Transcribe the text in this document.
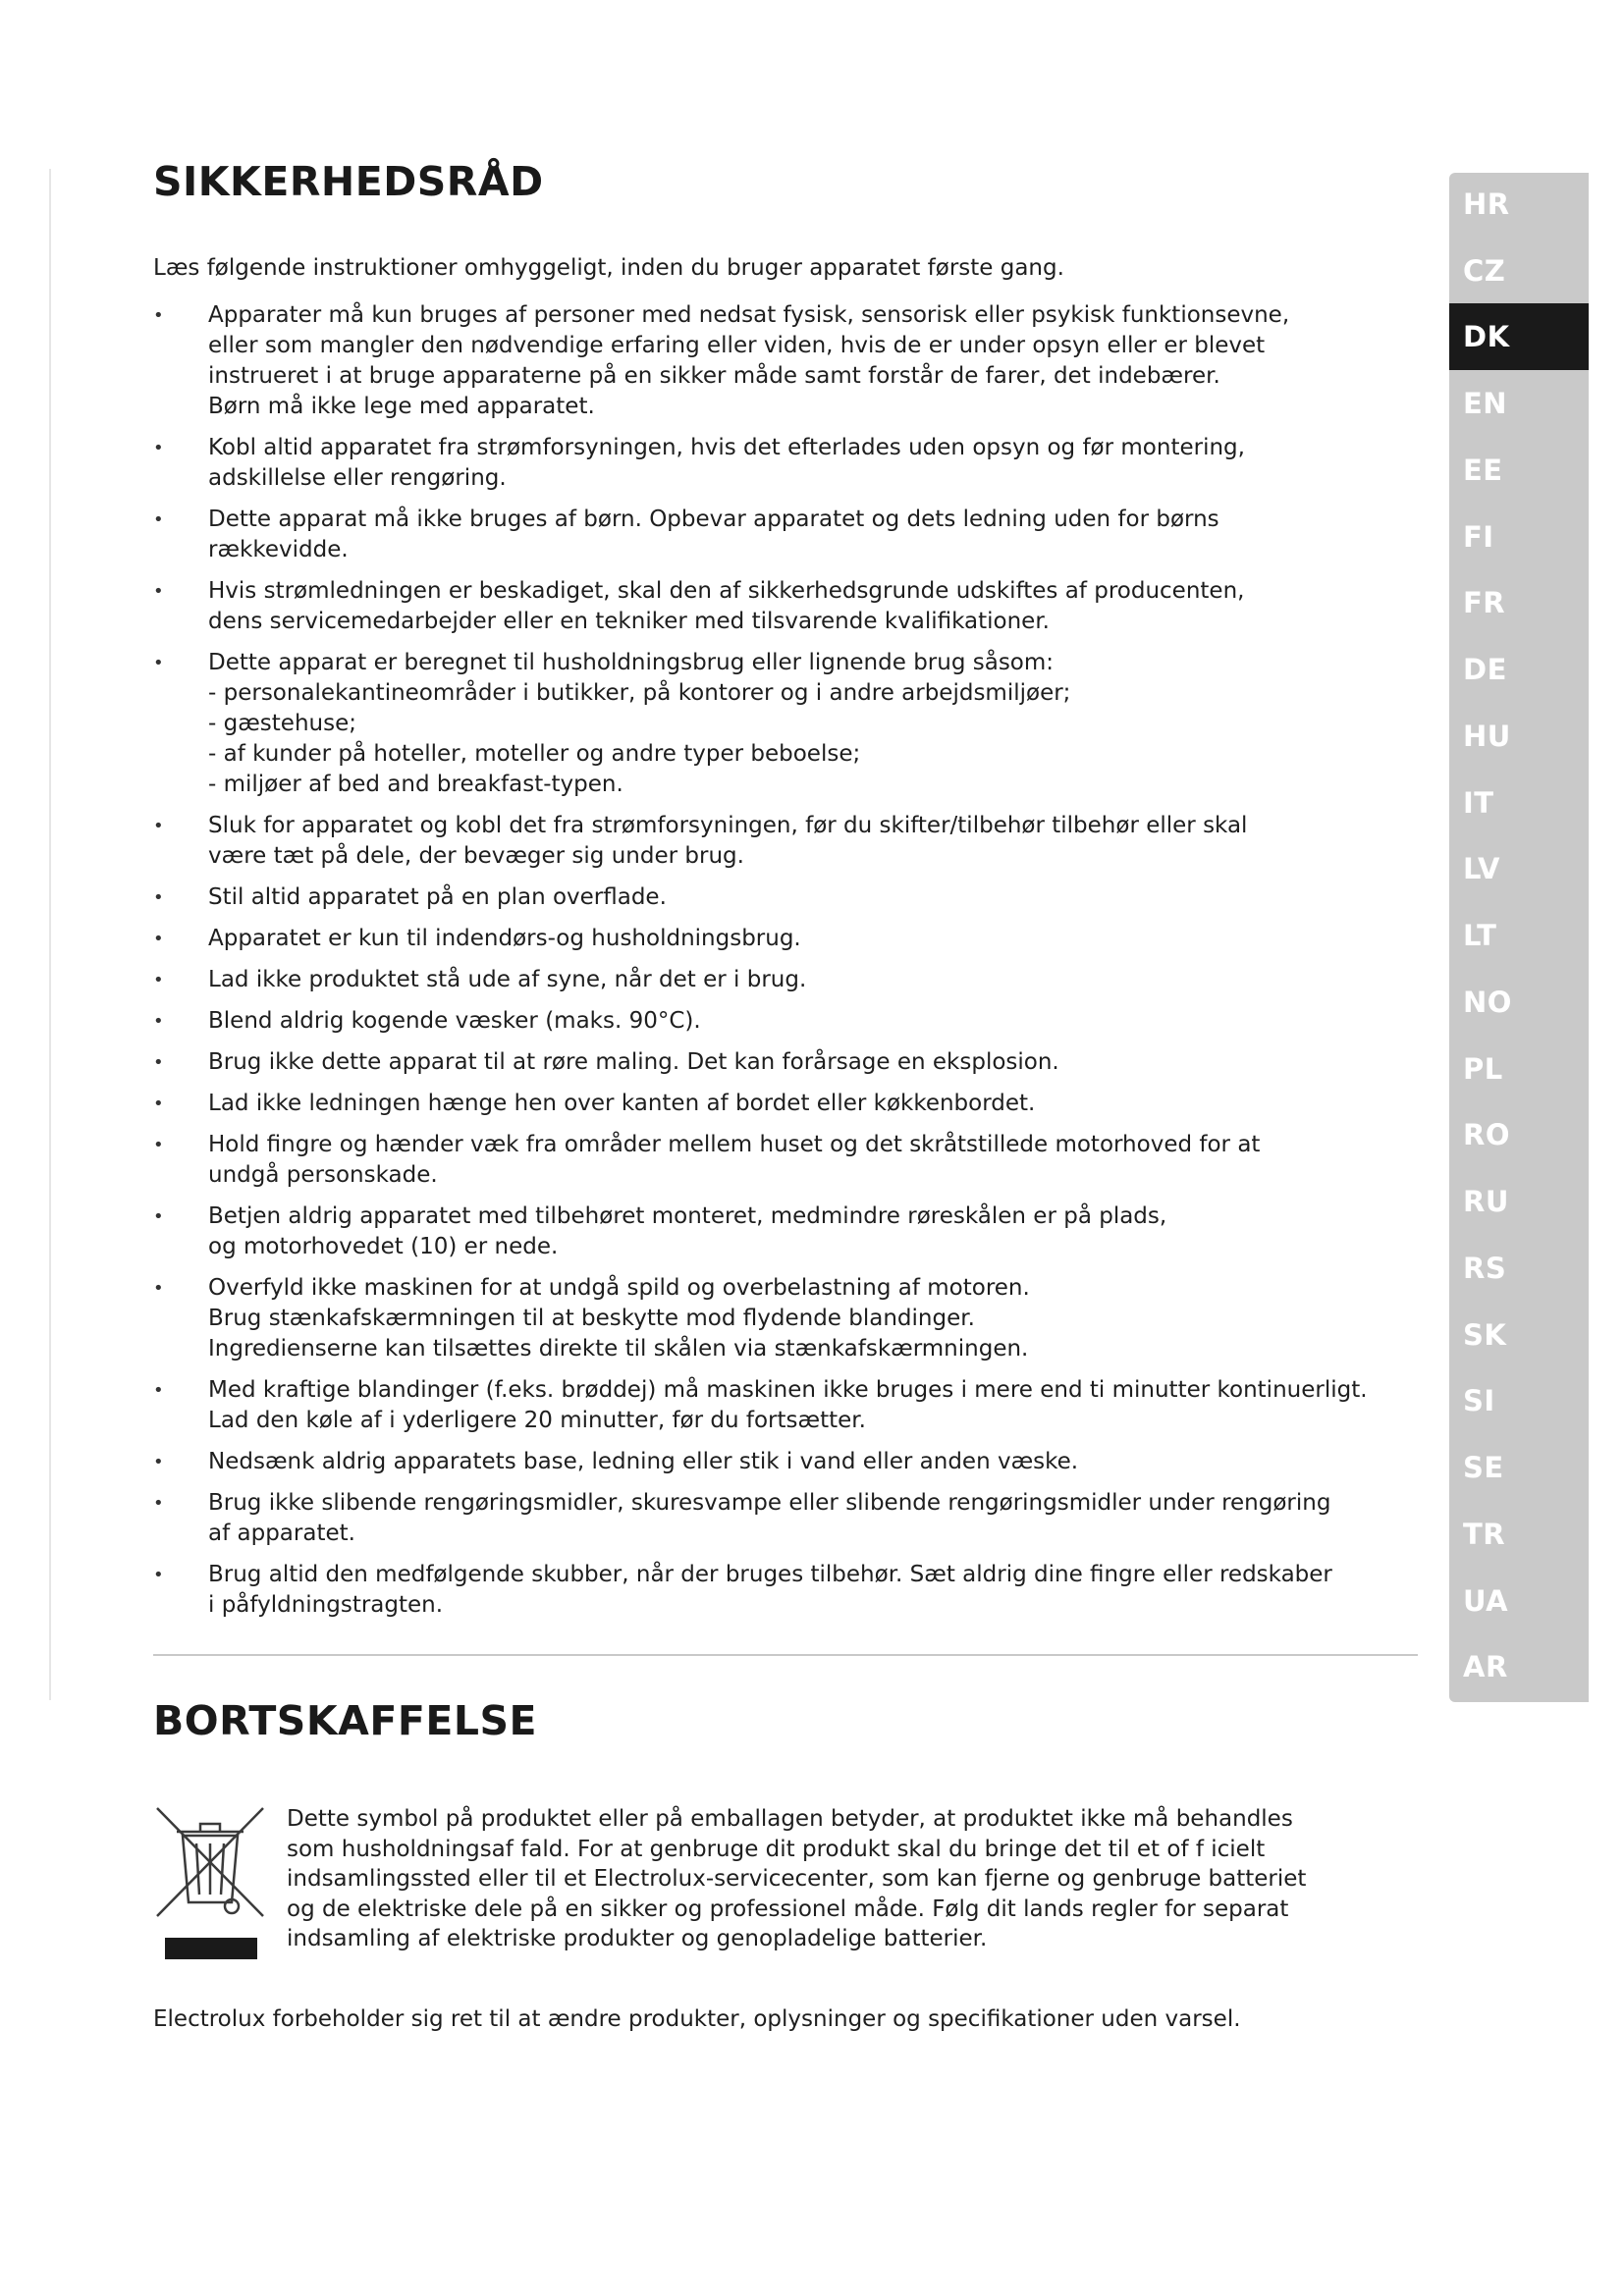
SIKKERHEDSRÅD

Læs følgende instruktioner omhyggeligt, inden du bruger apparatet første gang.

• Apparater må kun bruges af personer med nedsat fysisk, sensorisk eller psykisk funktionsevne,
eller som mangler den nødvendige erfaring eller viden, hvis de er under opsyn eller er blevet
instrueret i at bruge apparaterne på en sikker måde samt forstår de farer, det indebærer.
Børn må ikke lege med apparatet.
• Kobl altid apparatet fra strømforsyningen, hvis det efterlades uden opsyn og før montering,
adskillelse eller rengøring.
• Dette apparat må ikke bruges af børn. Opbevar apparatet og dets ledning uden for børns
rækkevidde.
• Hvis strømledningen er beskadiget, skal den af sikkerhedsgrunde udskiftes af producenten,
dens servicemedarbejder eller en tekniker med tilsvarende kvalifikationer.
• Dette apparat er beregnet til husholdningsbrug eller lignende brug såsom:
- personalekantineområder i butikker, på kontorer og i andre arbejdsmiljøer;
- gæstehuse;
- af kunder på hoteller, moteller og andre typer beboelse;
- miljøer af bed and breakfast-typen.
• Sluk for apparatet og kobl det fra strømforsyningen, før du skifter/tilbehør tilbehør eller skal
være tæt på dele, der bevæger sig under brug.
• Stil altid apparatet på en plan overflade.
• Apparatet er kun til indendørs-og husholdningsbrug.
• Lad ikke produktet stå ude af syne, når det er i brug.
• Blend aldrig kogende væsker (maks. 90°C).
• Brug ikke dette apparat til at røre maling. Det kan forårsage en eksplosion.
• Lad ikke ledningen hænge hen over kanten af bordet eller køkkenbordet.
• Hold fingre og hænder væk fra områder mellem huset og det skråtstillede motorhoved for at
undgå personskade.
• Betjen aldrig apparatet med tilbehøret monteret, medmindre røreskålen er på plads,
og motorhovedet (10) er nede.
• Overfyld ikke maskinen for at undgå spild og overbelastning af motoren.
Brug stænkafskærmningen til at beskytte mod flydende blandinger.
Ingredienserne kan tilsættes direkte til skålen via stænkafskærmningen.
• Med kraftige blandinger (f.eks. brøddej) må maskinen ikke bruges i mere end ti minutter kontinuerligt.
Lad den køle af i yderligere 20 minutter, før du fortsætter.
• Nedsænk aldrig apparatets base, ledning eller stik i vand eller anden væske.
• Brug ikke slibende rengøringsmidler, skuresvampe eller slibende rengøringsmidler under rengøring
af apparatet.
• Brug altid den medfølgende skubber, når der bruges tilbehør. Sæt aldrig dine fingre eller redskaber
i påfyldningstragten.
BORTSKAFFELSE
Dette symbol på produktet eller på emballagen betyder, at produktet ikke må behandles
som husholdningsaf fald. For at genbruge dit produkt skal du bringe det til et of f icielt
indsamlingssted eller til et Electrolux-servicecenter, som kan fjerne og genbruge batteriet
og de elektriske dele på en sikker og professionel måde. Følg dit lands regler for separat
indsamling af elektriske produkter og genopladelige batterier.

Electrolux forbeholder sig ret til at ændre produkter, oplysninger og specifikationer uden varsel.

HR
CZ
DK
EN
EE
FI
FR
DE
HU
IT
LV
LT
NO
PL
RO
RU
RS
SK
SI
SE
TR
UA
AR
